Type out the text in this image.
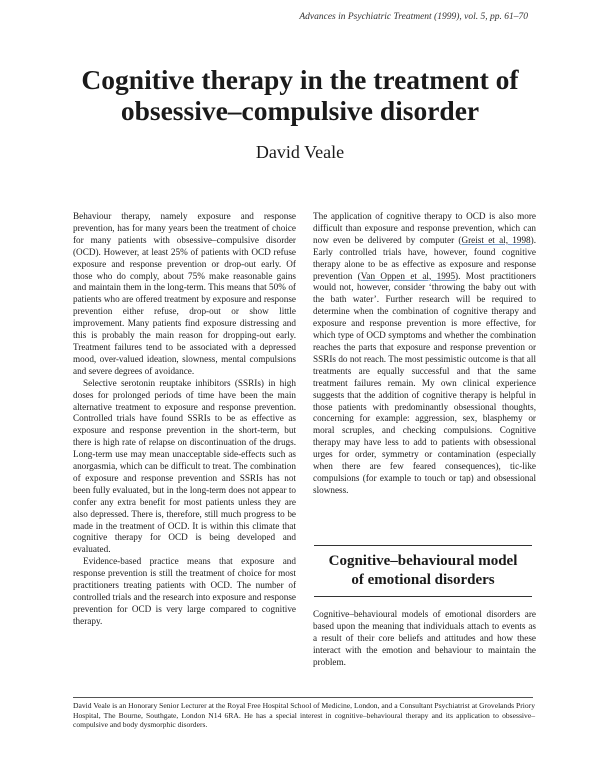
Advances in Psychiatric Treatment (1999), vol. 5, pp. 61–70
Cognitive therapy in the treatment of
obsessive–compulsive disorder
David Veale

Behaviour therapy, namely exposure and response prevention, has for many years been the treatment of choice for many patients with obsessive–compulsive disorder (OCD). However, at least 25% of patients with OCD refuse exposure and response prevention or drop-out early. Of those who do comply, about 75% make reasonable gains and maintain them in the long-term. This means that 50% of patients who are offered treatment by exposure and response prevention either refuse, drop-out or show little improvement. Many patients find exposure distressing and this is probably the main reason for dropping-out early. Treatment failures tend to be associated with a depressed mood, over-valued ideation, slowness, mental compulsions and severe degrees of avoidance.

Selective serotonin reuptake inhibitors (SSRIs) in high doses for prolonged periods of time have been the main alternative treatment to exposure and response prevention. Controlled trials have found SSRIs to be as effective as exposure and response prevention in the short-term, but there is high rate of relapse on discontinuation of the drugs. Long-term use may mean unacceptable side-effects such as anorgasmia, which can be difficult to treat. The combination of exposure and response prevention and SSRIs has not been fully evaluated, but in the long-term does not appear to confer any extra benefit for most patients unless they are also depressed. There is, therefore, still much progress to be made in the treatment of OCD. It is within this climate that cognitive therapy for OCD is being developed and evaluated.

Evidence-based practice means that exposure and response prevention is still the treatment of choice for most practitioners treating patients with OCD. The number of controlled trials and the research into exposure and response prevention for OCD is very large compared to cognitive therapy.

The application of cognitive therapy to OCD is also more difficult than exposure and response prevention, which can now even be delivered by computer (Greist et al, 1998). Early controlled trials have, however, found cognitive therapy alone to be as effective as exposure and response prevention (Van Oppen et al, 1995). Most practitioners would not, however, consider ‘throwing the baby out with the bath water’. Further research will be required to determine when the combination of cognitive therapy and exposure and response prevention is more effective, for which type of OCD symptoms and whether the combination reaches the parts that exposure and response prevention or SSRIs do not reach. The most pessimistic outcome is that all treatments are equally successful and that the same treatment failures remain. My own clinical experience suggests that the addition of cognitive therapy is helpful in those patients with predominantly obsessional thoughts, concerning for example: aggression, sex, blasphemy or moral scruples, and checking compulsions. Cognitive therapy may have less to add to patients with obsessional urges for order, symmetry or contamination (especially when there are few feared consequences), tic-like compulsions (for example to touch or tap) and obsessional slowness.

Cognitive–behavioural model
of emotional disorders

Cognitive–behavioural models of emotional disorders are based upon the meaning that individuals attach to events as a result of their core beliefs and attitudes and how these interact with the emotion and behaviour to maintain the problem.

David Veale is an Honorary Senior Lecturer at the Royal Free Hospital School of Medicine, London, and a Consultant Psychiatrist at Grovelands Priory Hospital, The Bourne, Southgate, London N14 6RA. He has a special interest in cognitive–behavioural therapy and its application to obsessive–compulsive and body dysmorphic disorders.
